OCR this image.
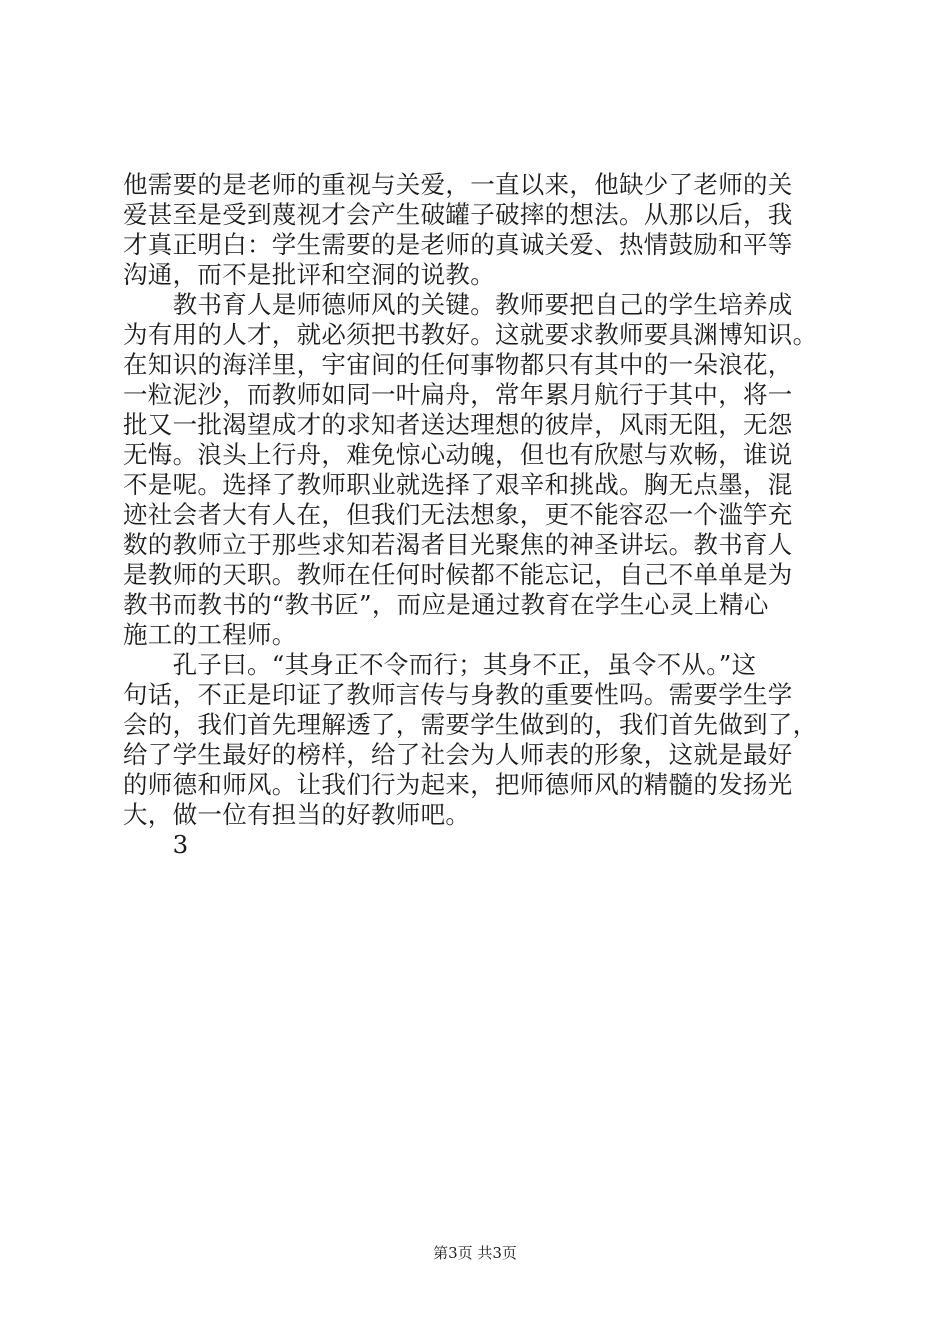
他需要的是老师的重视与关爱，一直以来，他缺少了老师的关
爱甚至是受到蔑视才会产生破罐子破摔的想法。从那以后，我
才真正明白：学生需要的是老师的真诚关爱、热情鼓励和平等
沟通，而不是批评和空洞的说教。
　　教书育人是师德师风的关键。教师要把自己的学生培养成
为有用的人才，就必须把书教好。这就要求教师要具渊博知识。
在知识的海洋里，宇宙间的任何事物都只有其中的一朵浪花，
一粒泥沙，而教师如同一叶扁舟，常年累月航行于其中，将一
批又一批渴望成才的求知者送达理想的彼岸，风雨无阻，无怨
无悔。浪头上行舟，难免惊心动魄，但也有欣慰与欢畅，谁说
不是呢。选择了教师职业就选择了艰辛和挑战。胸无点墨，混
迹社会者大有人在，但我们无法想象，更不能容忍一个滥竽充
数的教师立于那些求知若渴者目光聚焦的神圣讲坛。教书育人
是教师的天职。教师在任何时候都不能忘记，自己不单单是为
教书而教书的“教书匠”，而应是通过教育在学生心灵上精心
施工的工程师。
　　孔子曰。“其身正不令而行；其身不正，虽令不从。”这
句话，不正是印证了教师言传与身教的重要性吗。需要学生学
会的，我们首先理解透了，需要学生做到的，我们首先做到了，
给了学生最好的榜样，给了社会为人师表的形象，这就是最好
的师德和师风。让我们行为起来，把师德师风的精髓的发扬光
大，做一位有担当的好教师吧。
　　3
第3页 共3页
